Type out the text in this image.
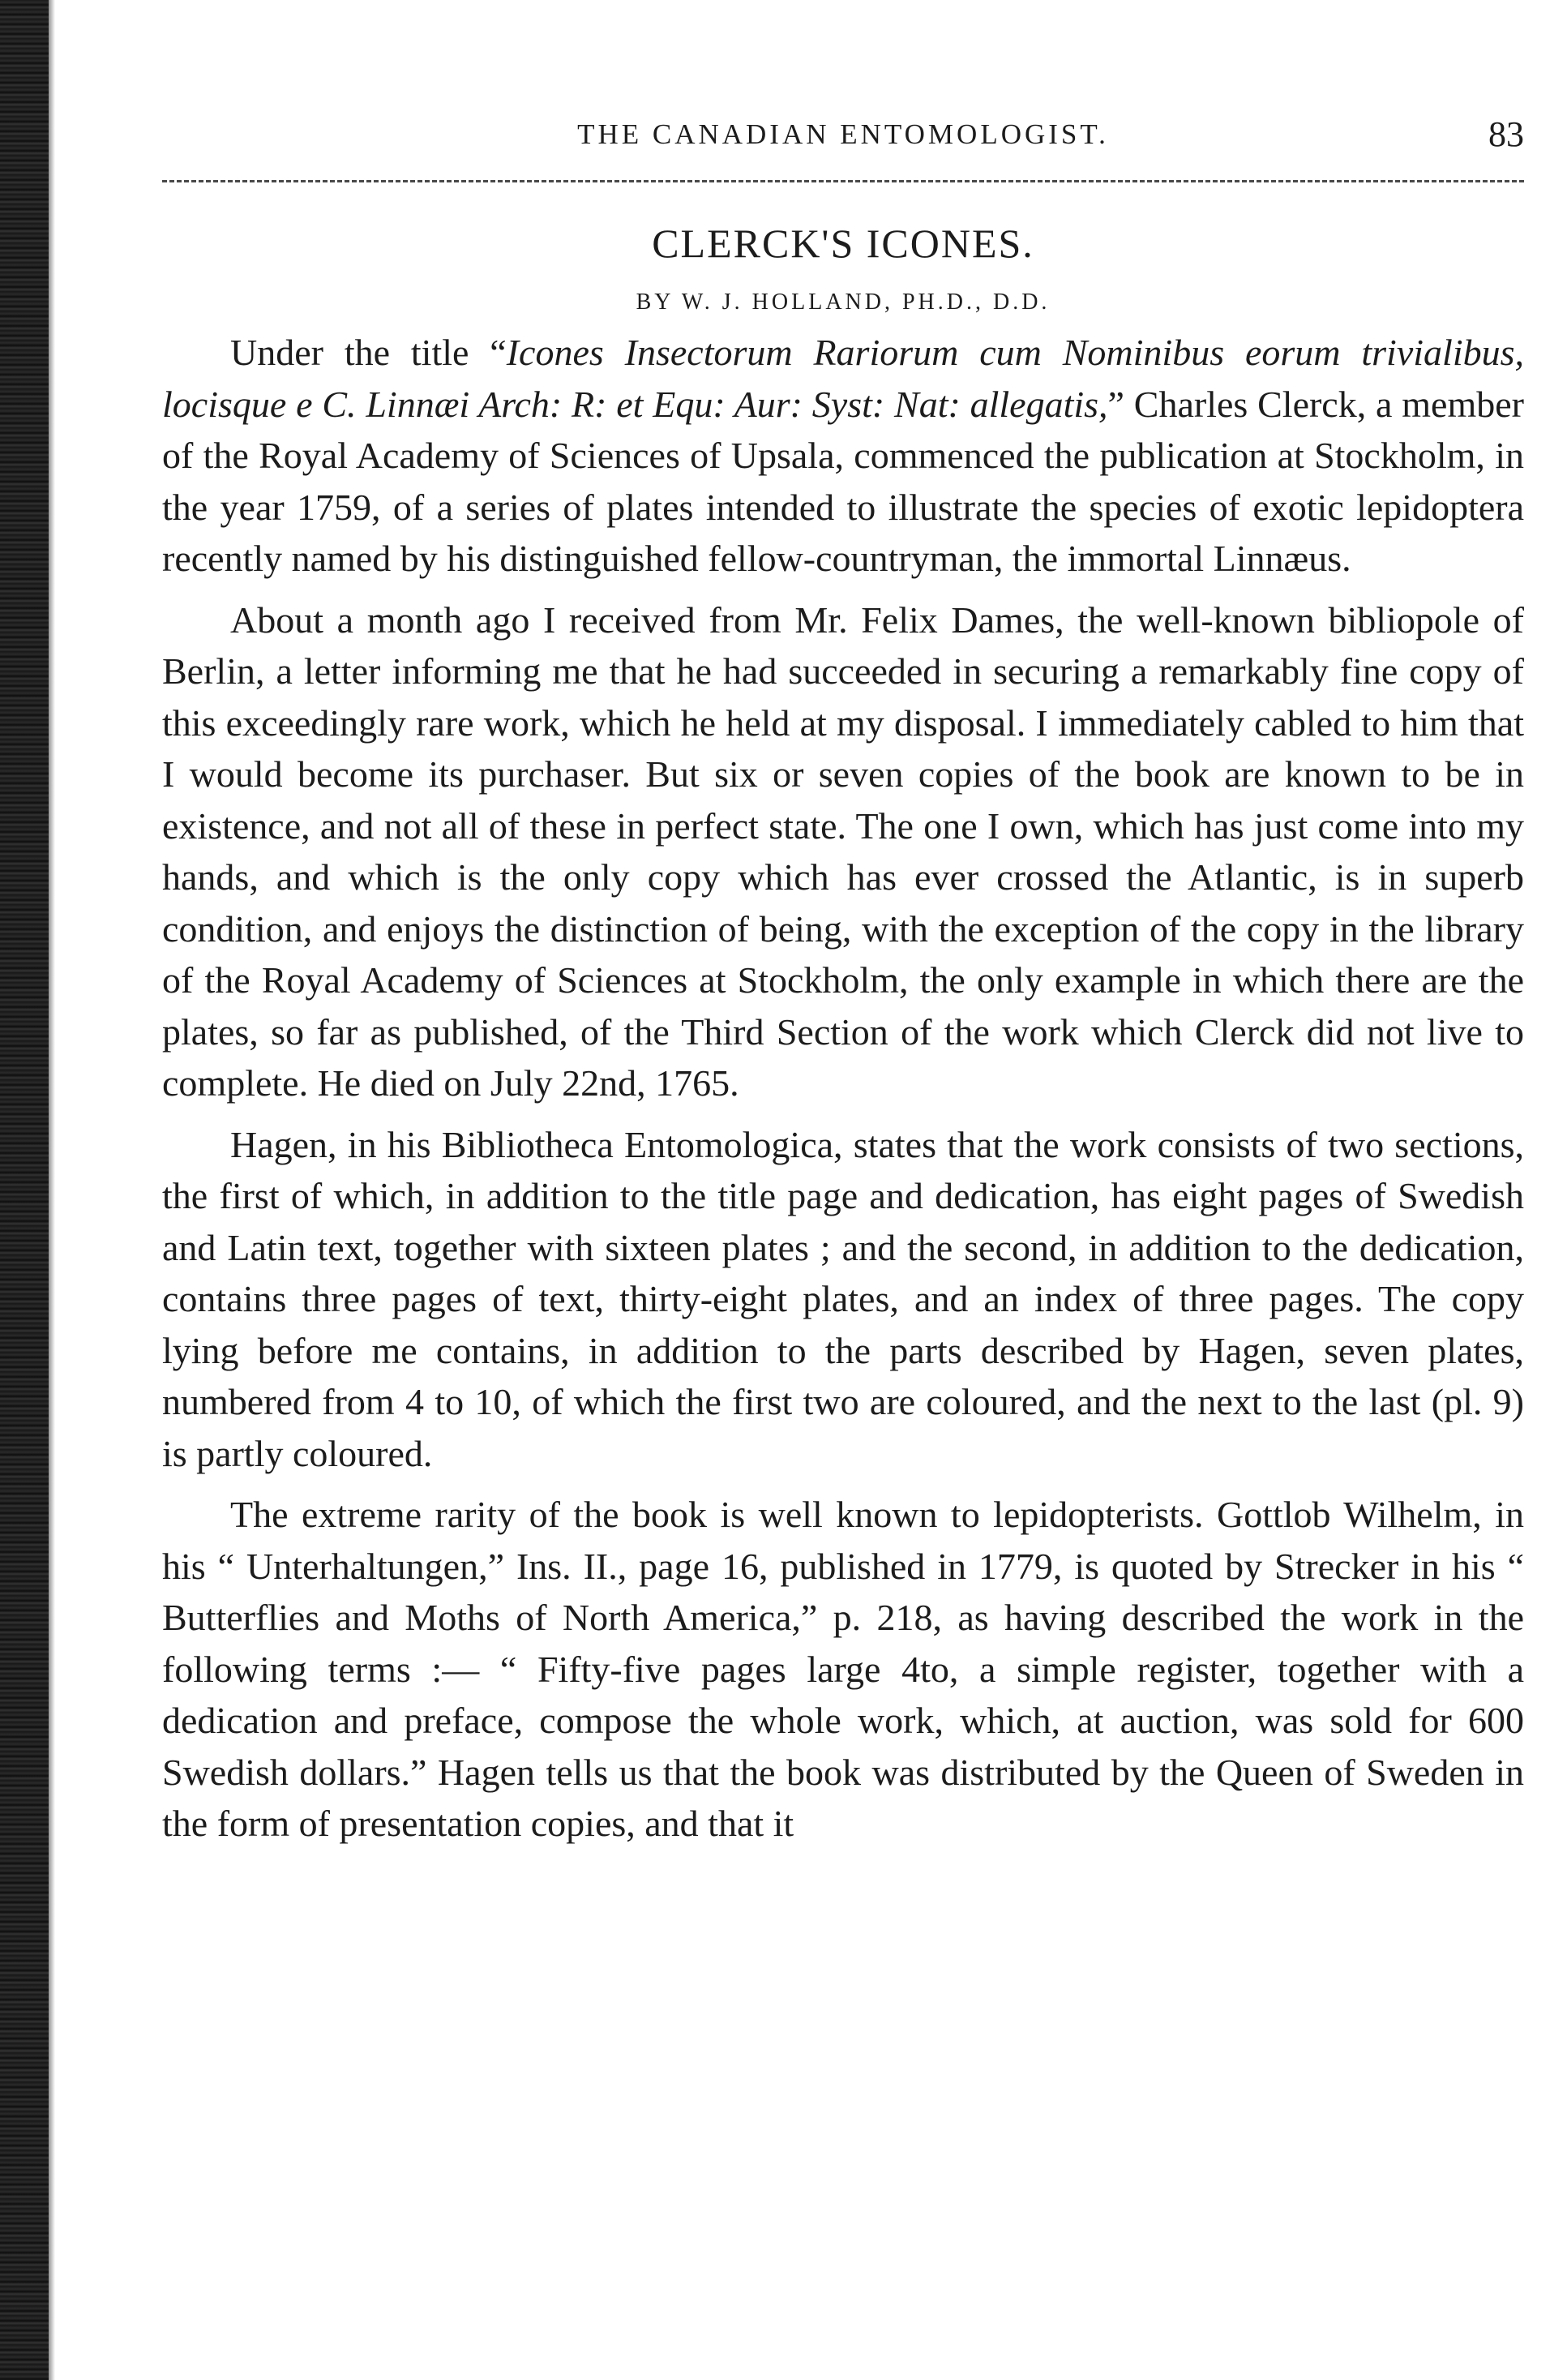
THE CANADIAN ENTOMOLOGIST.	83
CLERCK'S ICONES.
BY W. J. HOLLAND, PH.D., D.D.

Under the title “Icones Insectorum Rariorum cum Nominibus eorum trivialibus, locisque e C. Linnæi Arch: R: et Equ: Aur: Syst: Nat: allegatis,” Charles Clerck, a member of the Royal Academy of Sciences of Upsala, commenced the publication at Stockholm, in the year 1759, of a series of plates intended to illustrate the species of exotic lepidoptera recently named by his distinguished fellow-countryman, the immortal Linnæus.

About a month ago I received from Mr. Felix Dames, the well-known bibliopole of Berlin, a letter informing me that he had succeeded in securing a remarkably fine copy of this exceedingly rare work, which he held at my disposal. I immediately cabled to him that I would become its purchaser. But six or seven copies of the book are known to be in existence, and not all of these in perfect state. The one I own, which has just come into my hands, and which is the only copy which has ever crossed the Atlantic, is in superb condition, and enjoys the distinction of being, with the exception of the copy in the library of the Royal Academy of Sciences at Stockholm, the only example in which there are the plates, so far as published, of the Third Section of the work which Clerck did not live to complete. He died on July 22nd, 1765.

Hagen, in his Bibliotheca Entomologica, states that the work consists of two sections, the first of which, in addition to the title page and dedication, has eight pages of Swedish and Latin text, together with sixteen plates ; and the second, in addition to the dedication, contains three pages of text, thirty-eight plates, and an index of three pages. The copy lying before me contains, in addition to the parts described by Hagen, seven plates, numbered from 4 to 10, of which the first two are coloured, and the next to the last (pl. 9) is partly coloured.

The extreme rarity of the book is well known to lepidopterists. Gottlob Wilhelm, in his “ Unterhaltungen,” Ins. II., page 16, published in 1779, is quoted by Strecker in his “ Butterflies and Moths of North America,” p. 218, as having described the work in the following terms :— “ Fifty-five pages large 4to, a simple register, together with a dedication and preface, compose the whole work, which, at auction, was sold for 600 Swedish dollars.” Hagen tells us that the book was distributed by the Queen of Sweden in the form of presentation copies, and that it
